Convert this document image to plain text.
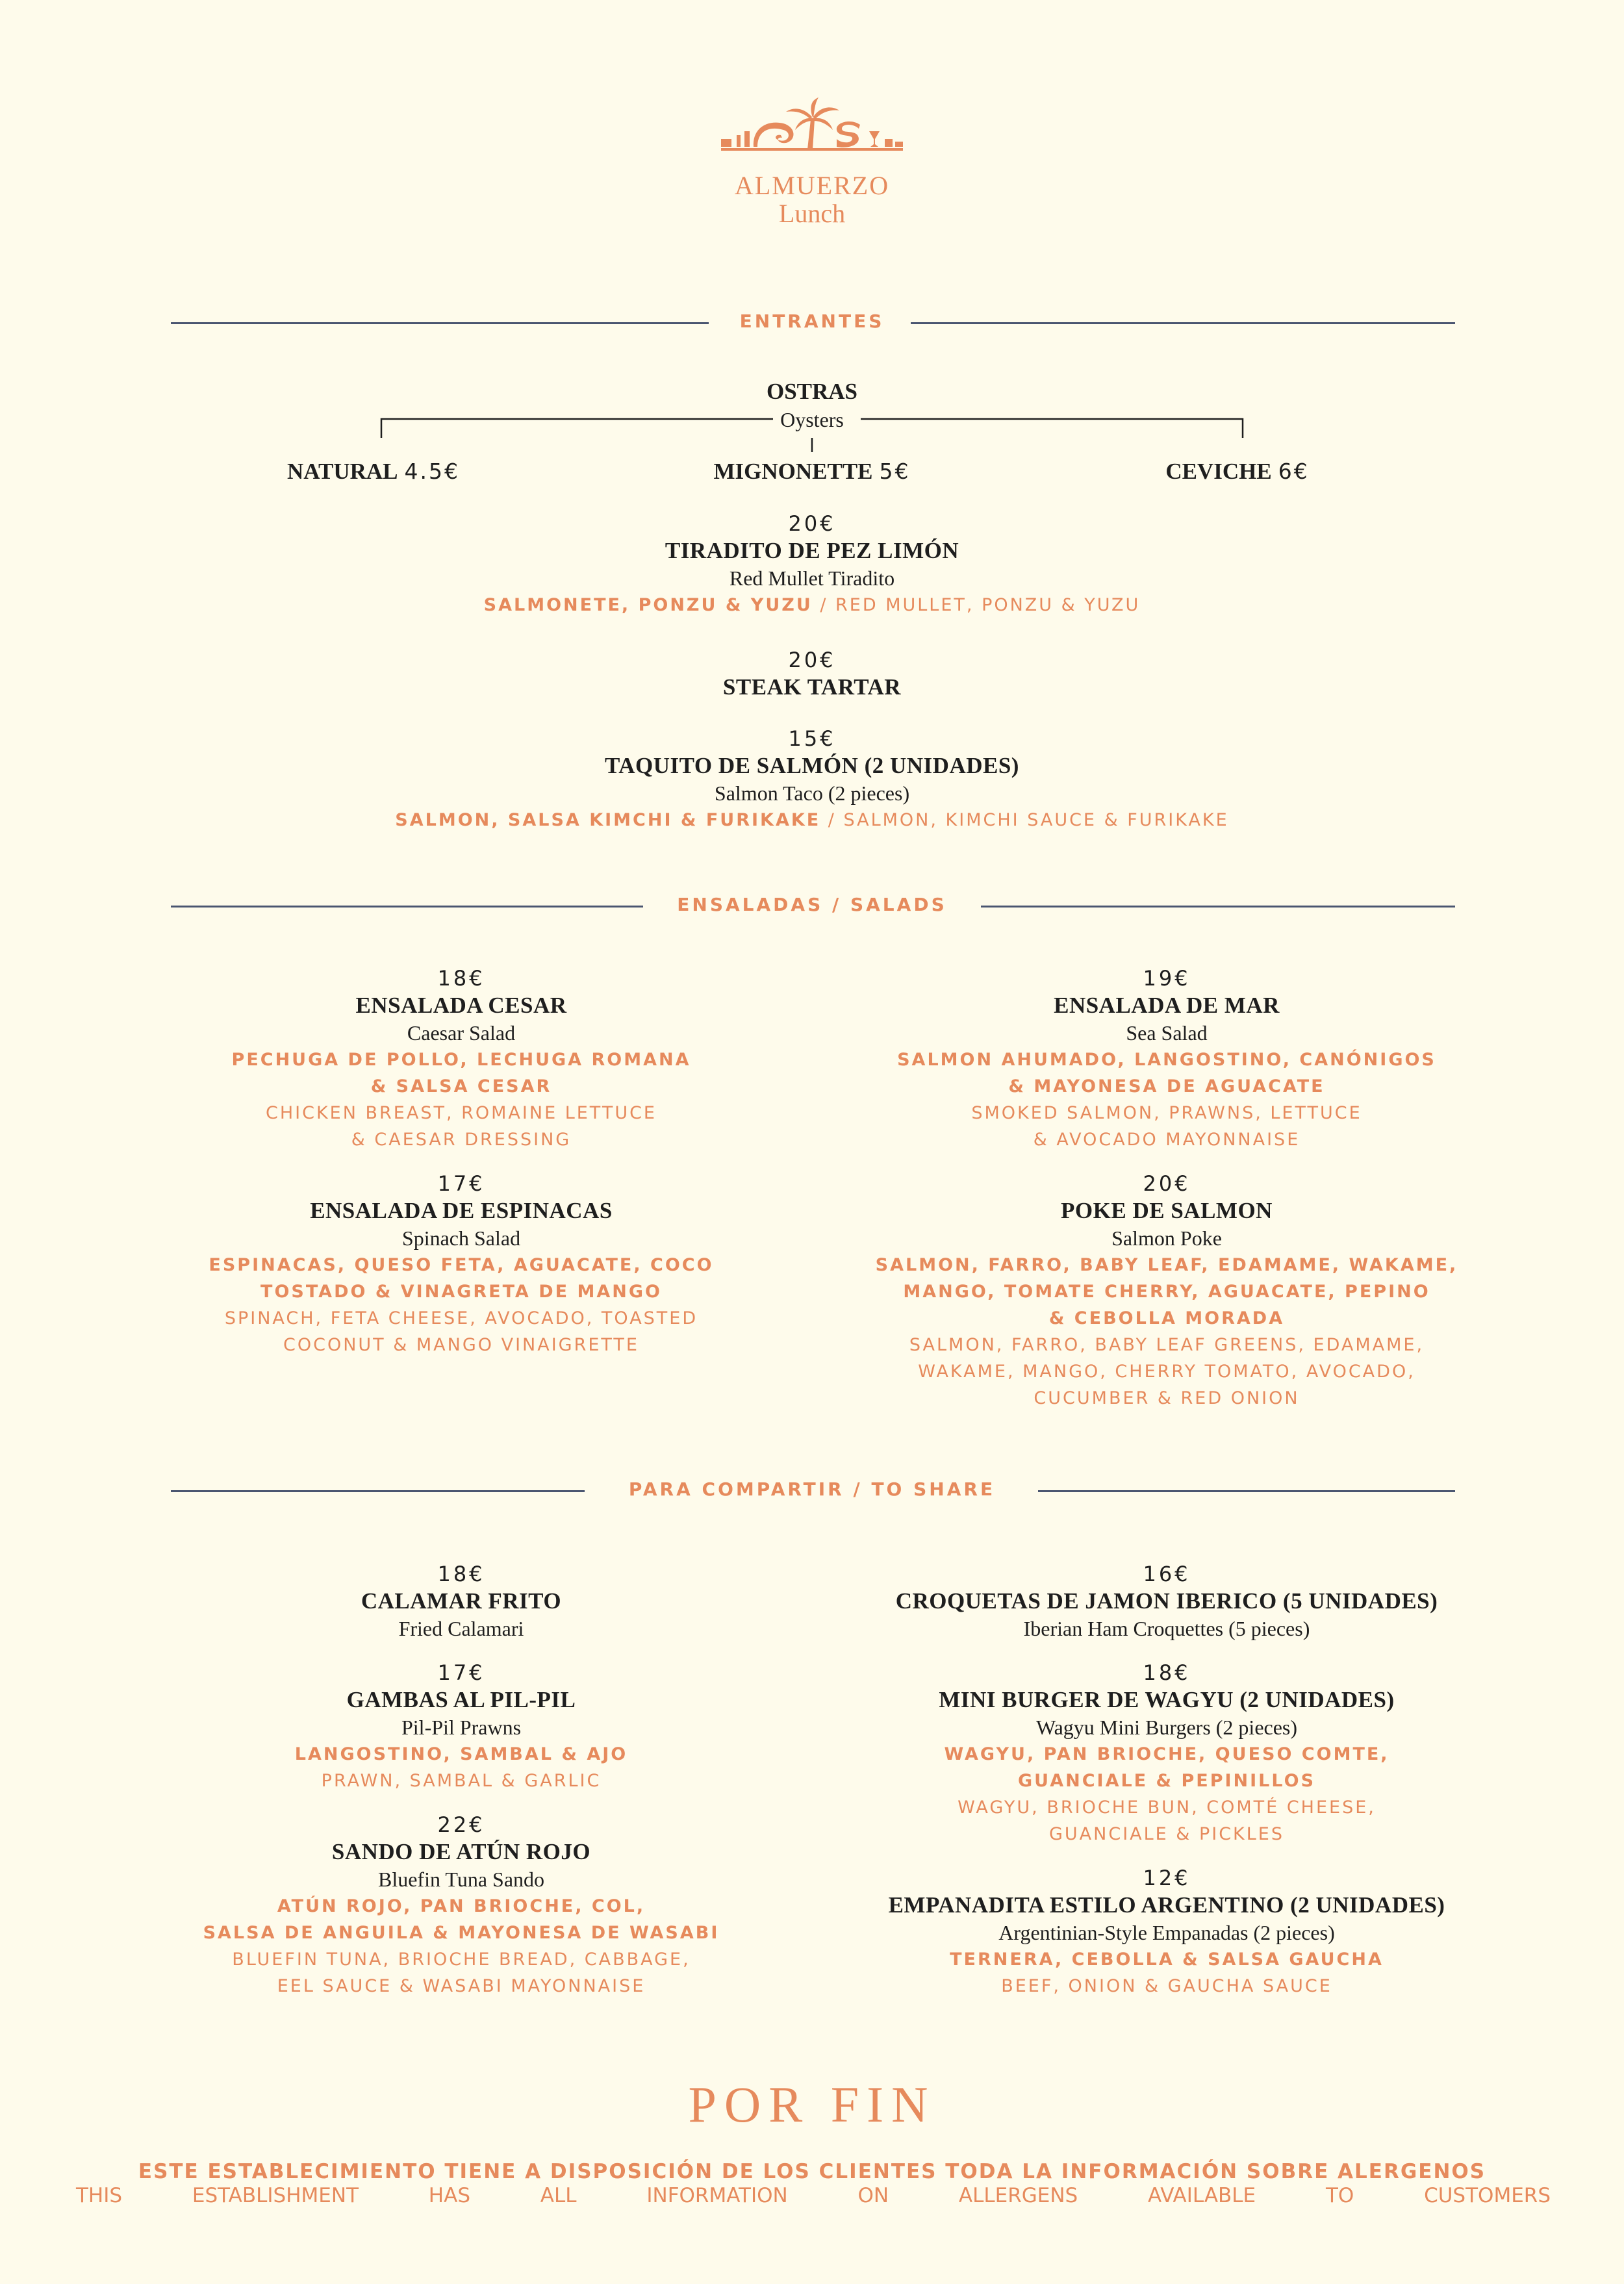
ALMUERZO
Lunch
ENTRANTES
OSTRAS
Oysters
NATURAL 4.5€	MIGNONETTE 5€	CEVICHE 6€
20€
TIRADITO DE PEZ LIMÓN
Red Mullet Tiradito
SALMONETE, PONZU & YUZU / RED MULLET, PONZU & YUZU
20€
STEAK TARTAR
15€
TAQUITO DE SALMÓN (2 UNIDADES)
Salmon Taco (2 pieces)
SALMON, SALSA KIMCHI & FURIKAKE / SALMON, KIMCHI SAUCE & FURIKAKE
ENSALADAS / SALADS
18€
ENSALADA CESAR
Caesar Salad
PECHUGA DE POLLO, LECHUGA ROMANA
& SALSA CESAR
CHICKEN BREAST, ROMAINE LETTUCE
& CAESAR DRESSING
17€
ENSALADA DE ESPINACAS
Spinach Salad
ESPINACAS, QUESO FETA, AGUACATE, COCO
TOSTADO & VINAGRETA DE MANGO
SPINACH, FETA CHEESE, AVOCADO, TOASTED
COCONUT & MANGO VINAIGRETTE
19€
ENSALADA DE MAR
Sea Salad
SALMON AHUMADO, LANGOSTINO, CANÓNIGOS
& MAYONESA DE AGUACATE
SMOKED SALMON, PRAWNS, LETTUCE
& AVOCADO MAYONNAISE
20€
POKE DE SALMON
Salmon Poke
SALMON, FARRO, BABY LEAF, EDAMAME, WAKAME,
MANGO, TOMATE CHERRY, AGUACATE, PEPINO
& CEBOLLA MORADA
SALMON, FARRO, BABY LEAF GREENS, EDAMAME,
WAKAME, MANGO, CHERRY TOMATO, AVOCADO,
CUCUMBER & RED ONION
PARA COMPARTIR / TO SHARE
18€
CALAMAR FRITO
Fried Calamari
17€
GAMBAS AL PIL-PIL
Pil-Pil Prawns
LANGOSTINO, SAMBAL & AJO
PRAWN, SAMBAL & GARLIC
22€
SANDO DE ATÚN ROJO
Bluefin Tuna Sando
ATÚN ROJO, PAN BRIOCHE, COL,
SALSA DE ANGUILA & MAYONESA DE WASABI
BLUEFIN TUNA, BRIOCHE BREAD, CABBAGE,
EEL SAUCE & WASABI MAYONNAISE
16€
CROQUETAS DE JAMON IBERICO (5 UNIDADES)
Iberian Ham Croquettes (5 pieces)
18€
MINI BURGER DE WAGYU (2 UNIDADES)
Wagyu Mini Burgers (2 pieces)
WAGYU, PAN BRIOCHE, QUESO COMTE,
GUANCIALE & PEPINILLOS
WAGYU, BRIOCHE BUN, COMTÉ CHEESE,
GUANCIALE & PICKLES
12€
EMPANADITA ESTILO ARGENTINO (2 UNIDADES)
Argentinian-Style Empanadas (2 pieces)
TERNERA, CEBOLLA & SALSA GAUCHA
BEEF, ONION & GAUCHA SAUCE
POR FIN
ESTE ESTABLECIMIENTO TIENE A DISPOSICIÓN DE LOS CLIENTES TODA LA INFORMACIÓN SOBRE ALERGENOS
THIS ESTABLISHMENT HAS ALL INFORMATION ON ALLERGENS AVAILABLE TO CUSTOMERS
